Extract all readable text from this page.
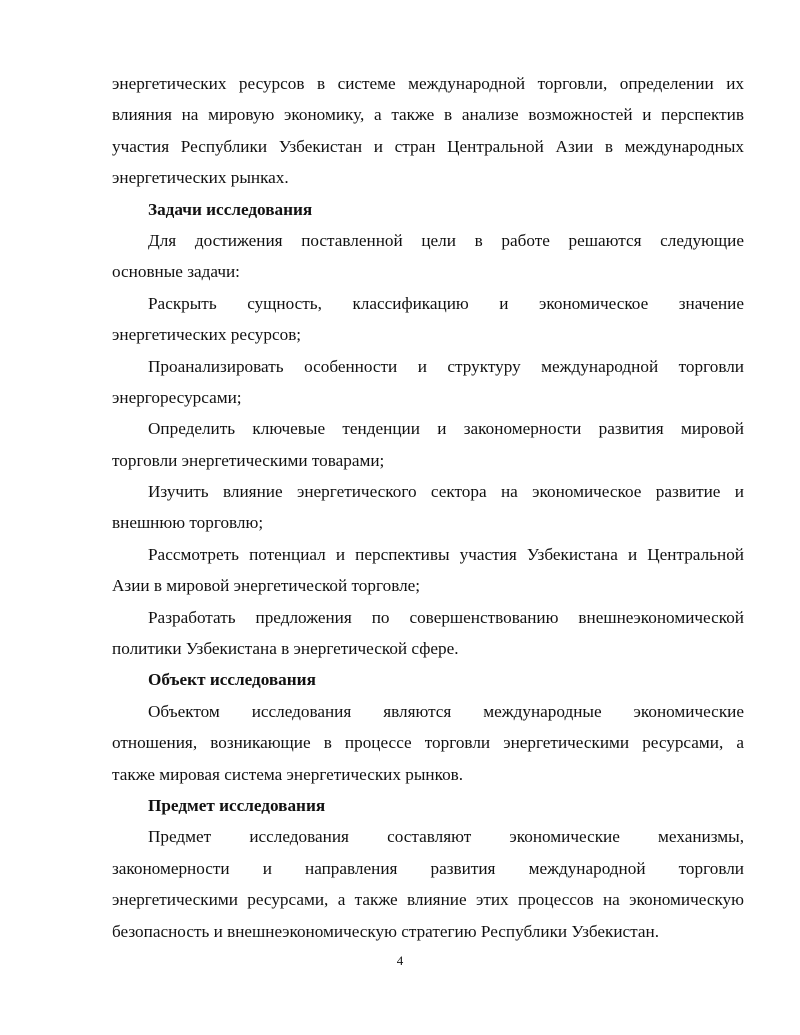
энергетических ресурсов в системе международной торговли, определении их
влияния на мировую экономику, а также в анализе возможностей и перспектив
участия Республики Узбекистан и стран Центральной Азии в международных
энергетических рынках.
Задачи исследования
Для достижения поставленной цели в работе решаются следующие
основные задачи:
Раскрыть сущность, классификацию и экономическое значение
энергетических ресурсов;
Проанализировать особенности и структуру международной торговли
энергоресурсами;
Определить ключевые тенденции и закономерности развития мировой
торговли энергетическими товарами;
Изучить влияние энергетического сектора на экономическое развитие и
внешнюю торговлю;
Рассмотреть потенциал и перспективы участия Узбекистана и Центральной
Азии в мировой энергетической торговле;
Разработать предложения по совершенствованию внешнеэкономической
политики Узбекистана в энергетической сфере.
Объект исследования
Объектом исследования являются международные экономические
отношения, возникающие в процессе торговли энергетическими ресурсами, а
также мировая система энергетических рынков.
Предмет исследования
Предмет исследования составляют экономические механизмы,
закономерности и направления развития международной торговли
энергетическими ресурсами, а также влияние этих процессов на экономическую
безопасность и внешнеэкономическую стратегию Республики Узбекистан.
4
